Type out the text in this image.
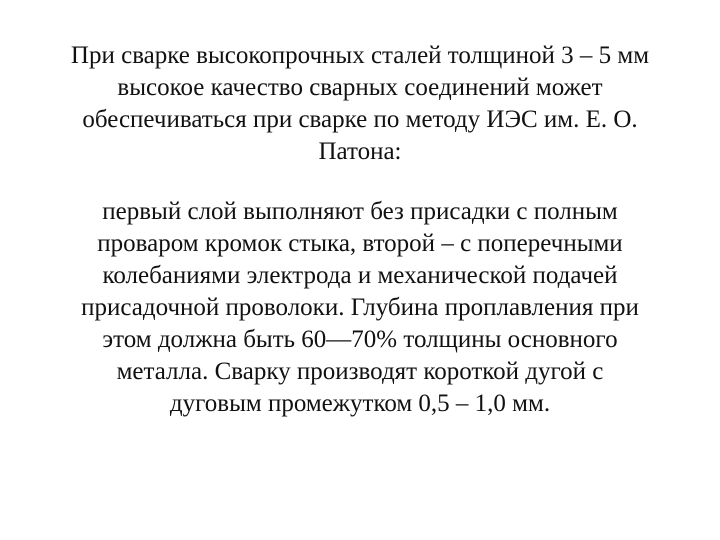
При сварке высокопрочных сталей толщиной 3 – 5 мм
высокое качество сварных соединений может
обеспечиваться при сварке по методу ИЭС им. Е. О.
Патона:
первый слой выполняют без присадки с полным
проваром кромок стыка, второй – с поперечными
колебаниями электрода и механической подачей
присадочной проволоки. Глубина проплавления при
этом должна быть 60—70% толщины основного
металла. Сварку производят короткой дугой с
дуговым промежутком 0,5 – 1,0 мм.
